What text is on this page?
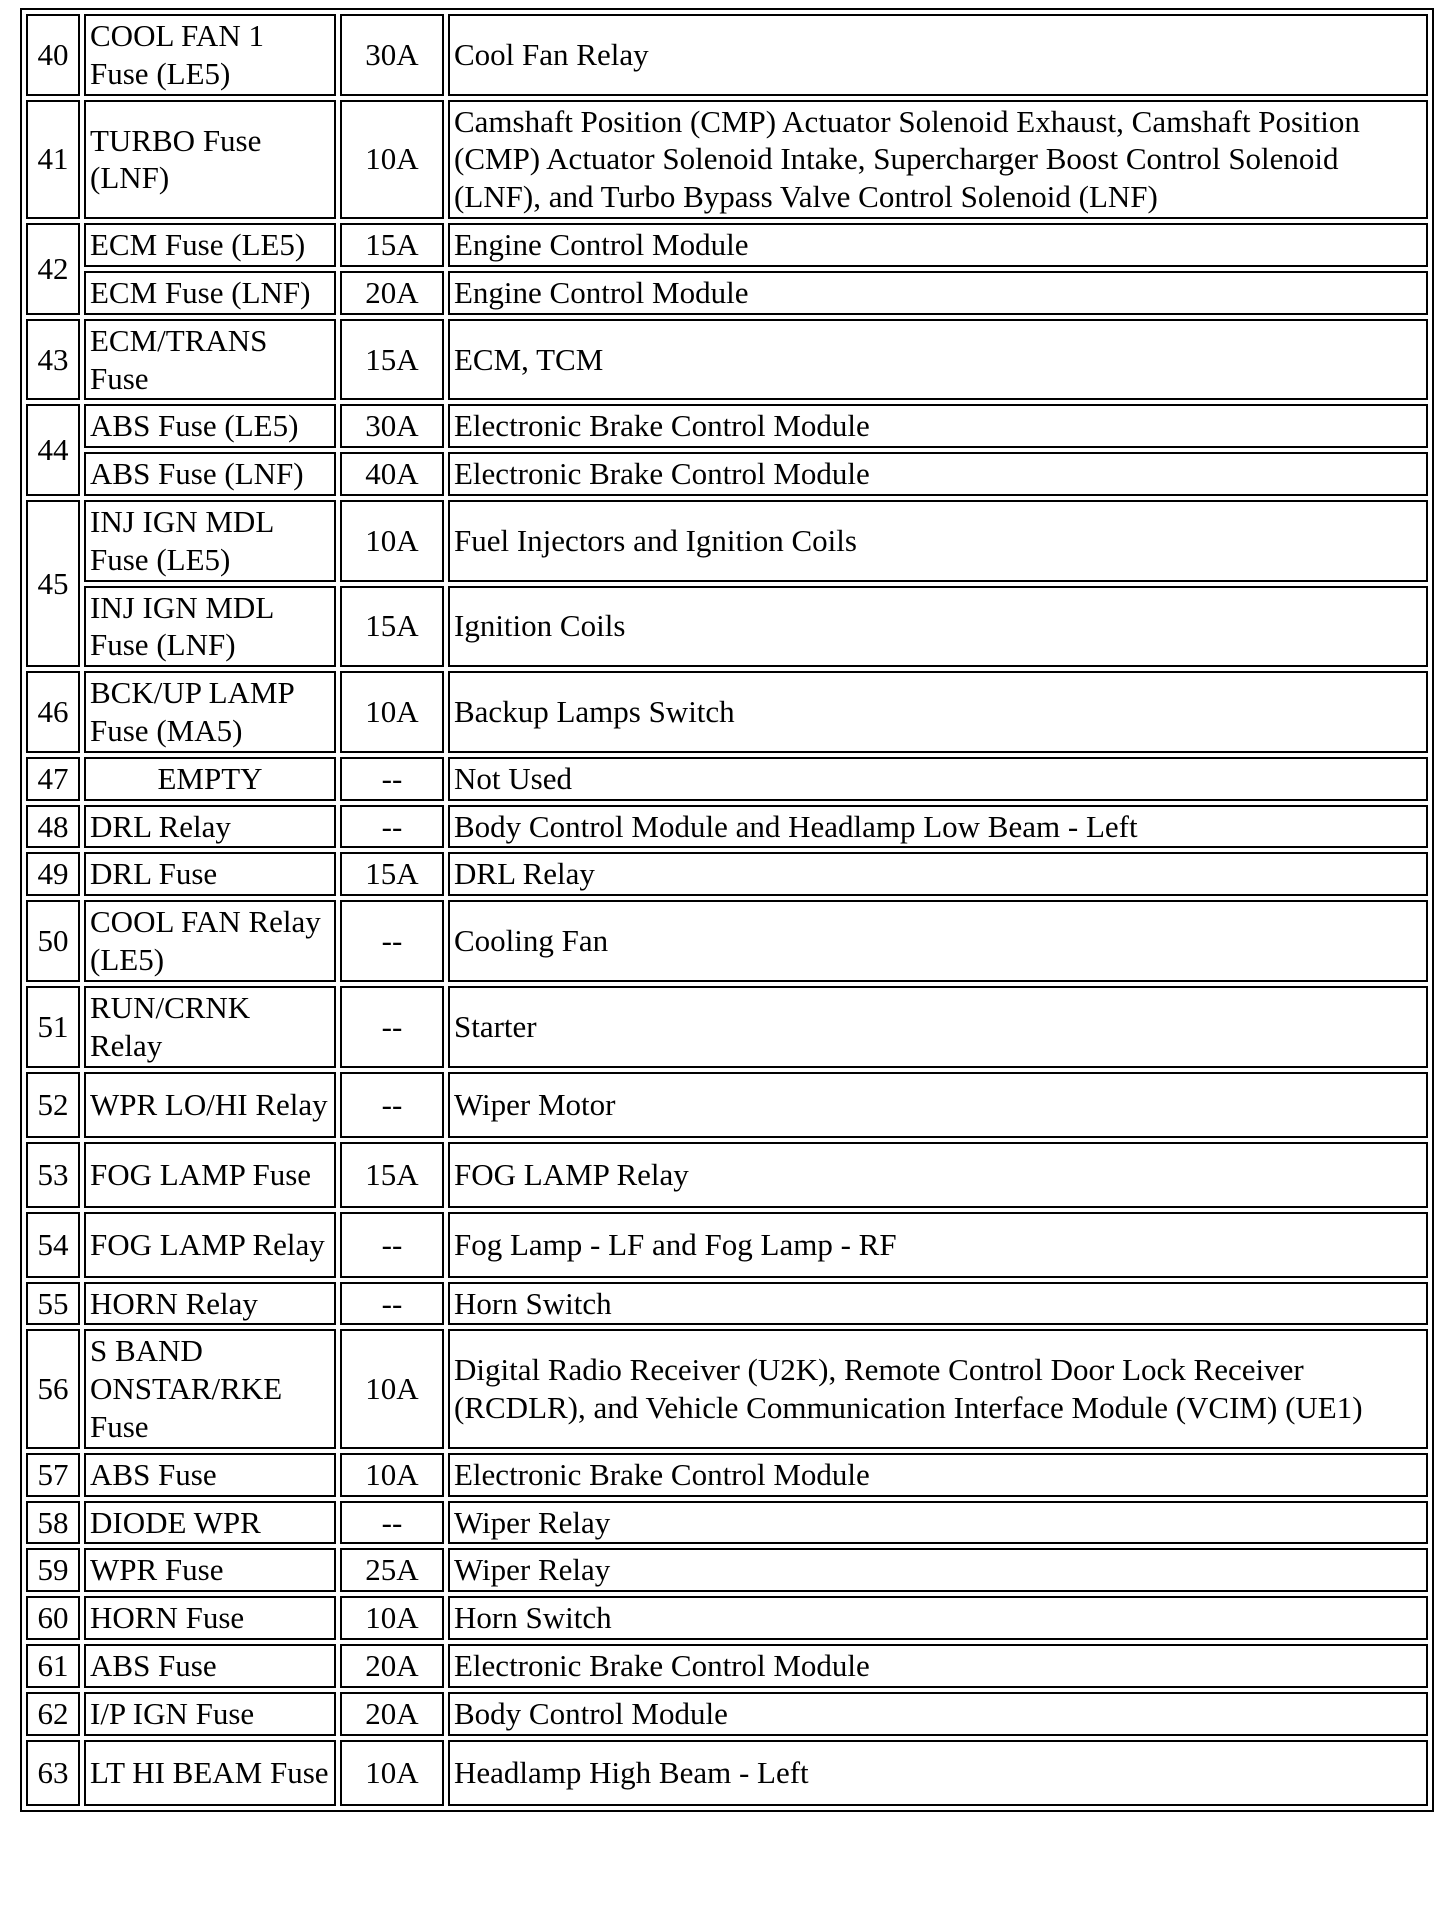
40	COOL FAN 1 Fuse (LE5)	30A	Cool Fan Relay
41	TURBO Fuse (LNF)	10A	Camshaft Position (CMP) Actuator Solenoid Exhaust, Camshaft Position (CMP) Actuator Solenoid Intake, Supercharger Boost Control Solenoid (LNF), and Turbo Bypass Valve Control Solenoid (LNF)
42	ECM Fuse (LE5)	15A	Engine Control Module
	ECM Fuse (LNF)	20A	Engine Control Module
43	ECM/TRANS Fuse	15A	ECM, TCM
44	ABS Fuse (LE5)	30A	Electronic Brake Control Module
	ABS Fuse (LNF)	40A	Electronic Brake Control Module
45	INJ IGN MDL Fuse (LE5)	10A	Fuel Injectors and Ignition Coils
	INJ IGN MDL Fuse (LNF)	15A	Ignition Coils
46	BCK/UP LAMP Fuse (MA5)	10A	Backup Lamps Switch
47	EMPTY	--	Not Used
48	DRL Relay	--	Body Control Module and Headlamp Low Beam - Left
49	DRL Fuse	15A	DRL Relay
50	COOL FAN Relay (LE5)	--	Cooling Fan
51	RUN/CRNK Relay	--	Starter
52	WPR LO/HI Relay	--	Wiper Motor
53	FOG LAMP Fuse	15A	FOG LAMP Relay
54	FOG LAMP Relay	--	Fog Lamp - LF and Fog Lamp - RF
55	HORN Relay	--	Horn Switch
56	S BAND ONSTAR/RKE Fuse	10A	Digital Radio Receiver (U2K), Remote Control Door Lock Receiver (RCDLR), and Vehicle Communication Interface Module (VCIM) (UE1)
57	ABS Fuse	10A	Electronic Brake Control Module
58	DIODE WPR	--	Wiper Relay
59	WPR Fuse	25A	Wiper Relay
60	HORN Fuse	10A	Horn Switch
61	ABS Fuse	20A	Electronic Brake Control Module
62	I/P IGN Fuse	20A	Body Control Module
63	LT HI BEAM Fuse	10A	Headlamp High Beam - Left
